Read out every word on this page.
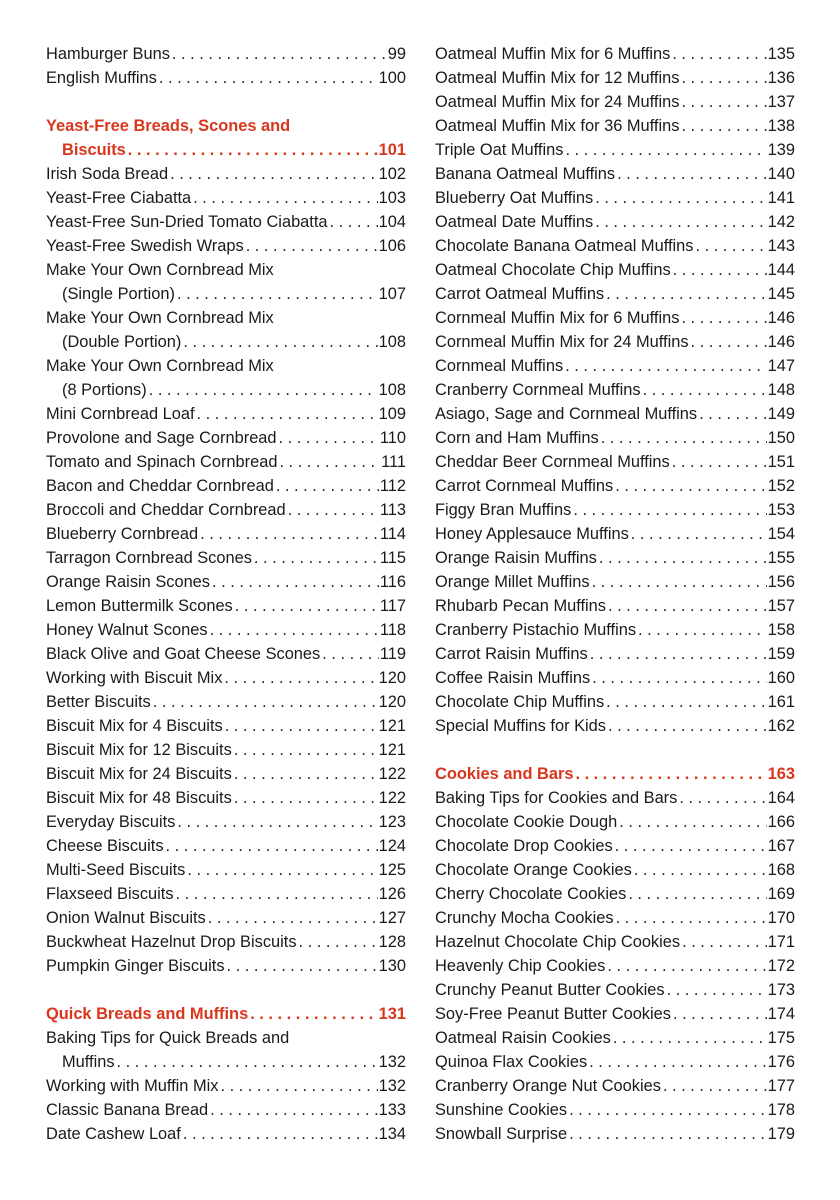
Hamburger Buns . . .	99
English Muffins . . .	100
Yeast-Free Breads, Scones and
Biscuits . . .	101
Irish Soda Bread . . .	102
Yeast-Free Ciabatta . . .	103
Yeast-Free Sun-Dried Tomato Ciabatta . . .	104
Yeast-Free Swedish Wraps . . .	106
Make Your Own Cornbread Mix
(Single Portion) . . .	107
Make Your Own Cornbread Mix
(Double Portion) . . .	108
Make Your Own Cornbread Mix
(8 Portions) . . .	108
Mini Cornbread Loaf . . .	109
Provolone and Sage Cornbread . . .	110
Tomato and Spinach Cornbread . . .	111
Bacon and Cheddar Cornbread . . .	112
Broccoli and Cheddar Cornbread . . .	113
Blueberry Cornbread . . .	114
Tarragon Cornbread Scones . . .	115
Orange Raisin Scones . . .	116
Lemon Buttermilk Scones . . .	117
Honey Walnut Scones . . .	118
Black Olive and Goat Cheese Scones . . .	119
Working with Biscuit Mix . . .	120
Better Biscuits . . .	120
Biscuit Mix for 4 Biscuits . . .	121
Biscuit Mix for 12 Biscuits . . .	121
Biscuit Mix for 24 Biscuits . . .	122
Biscuit Mix for 48 Biscuits . . .	122
Everyday Biscuits . . .	123
Cheese Biscuits . . .	124
Multi-Seed Biscuits . . .	125
Flaxseed Biscuits . . .	126
Onion Walnut Biscuits . . .	127
Buckwheat Hazelnut Drop Biscuits . . .	128
Pumpkin Ginger Biscuits . . .	130
Quick Breads and Muffins . . .	131
Baking Tips for Quick Breads and
Muffins . . .	132
Working with Muffin Mix . . .	132
Classic Banana Bread . . .	133
Date Cashew Loaf . . .	134
Oatmeal Muffin Mix for 6 Muffins . . .	135
Oatmeal Muffin Mix for 12 Muffins . . .	136
Oatmeal Muffin Mix for 24 Muffins . . .	137
Oatmeal Muffin Mix for 36 Muffins . . .	138
Triple Oat Muffins . . .	139
Banana Oatmeal Muffins . . .	140
Blueberry Oat Muffins . . .	141
Oatmeal Date Muffins . . .	142
Chocolate Banana Oatmeal Muffins . . .	143
Oatmeal Chocolate Chip Muffins . . .	144
Carrot Oatmeal Muffins . . .	145
Cornmeal Muffin Mix for 6 Muffins . . .	146
Cornmeal Muffin Mix for 24 Muffins . . .	146
Cornmeal Muffins . . .	147
Cranberry Cornmeal Muffins . . .	148
Asiago, Sage and Cornmeal Muffins . . .	149
Corn and Ham Muffins . . .	150
Cheddar Beer Cornmeal Muffins . . .	151
Carrot Cornmeal Muffins . . .	152
Figgy Bran Muffins . . .	153
Honey Applesauce Muffins . . .	154
Orange Raisin Muffins . . .	155
Orange Millet Muffins . . .	156
Rhubarb Pecan Muffins . . .	157
Cranberry Pistachio Muffins . . .	158
Carrot Raisin Muffins . . .	159
Coffee Raisin Muffins . . .	160
Chocolate Chip Muffins . . .	161
Special Muffins for Kids . . .	162
Cookies and Bars . . .	163
Baking Tips for Cookies and Bars . . .	164
Chocolate Cookie Dough . . .	166
Chocolate Drop Cookies . . .	167
Chocolate Orange Cookies . . .	168
Cherry Chocolate Cookies . . .	169
Crunchy Mocha Cookies . . .	170
Hazelnut Chocolate Chip Cookies . . .	171
Heavenly Chip Cookies . . .	172
Crunchy Peanut Butter Cookies . . .	173
Soy-Free Peanut Butter Cookies . . .	174
Oatmeal Raisin Cookies . . .	175
Quinoa Flax Cookies . . .	176
Cranberry Orange Nut Cookies . . .	177
Sunshine Cookies . . .	178
Snowball Surprise . . .	179
